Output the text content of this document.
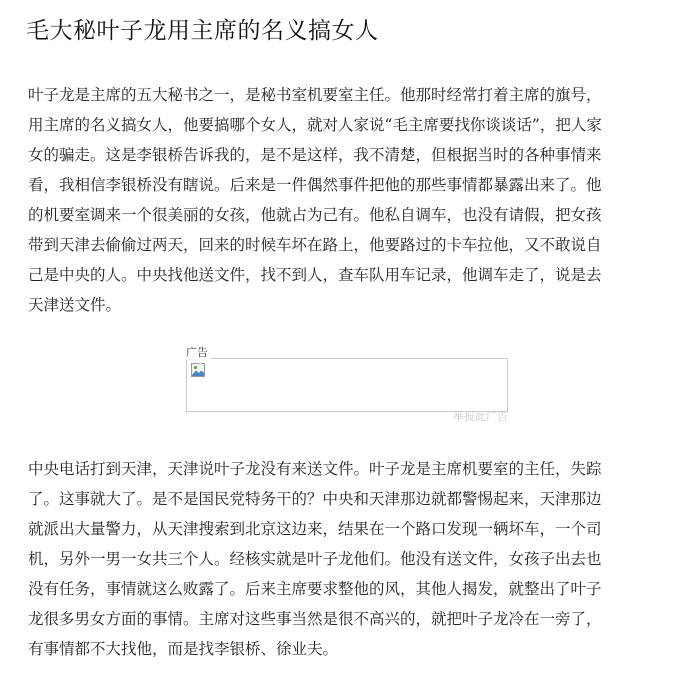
毛大秘叶子龙用主席的名义搞女人
叶子龙是主席的五大秘书之一，是秘书室机要室主任。他那时经常打着主席的旗号，
用主席的名义搞女人，他要搞哪个女人，就对人家说“毛主席要找你谈谈话”，把人家
女的骗走。这是李银桥告诉我的，是不是这样，我不清楚，但根据当时的各种事情来
看，我相信李银桥没有瞎说。后来是一件偶然事件把他的那些事情都暴露出来了。他
的机要室调来一个很美丽的女孩，他就占为己有。他私自调车，也没有请假，把女孩
带到天津去偷偷过两天，回来的时候车坏在路上，他要路过的卡车拉他，又不敢说自
己是中央的人。中央找他送文件，找不到人，查车队用车记录，他调车走了，说是去
天津送文件。
广告
举报此广告
中央电话打到天津，天津说叶子龙没有来送文件。叶子龙是主席机要室的主任，失踪
了。这事就大了。是不是国民党特务干的？中央和天津那边就都警惕起来，天津那边
就派出大量警力，从天津搜索到北京这边来，结果在一个路口发现一辆坏车，一个司
机，另外一男一女共三个人。经核实就是叶子龙他们。他没有送文件，女孩子出去也
没有任务，事情就这么败露了。后来主席要求整他的风，其他人揭发，就整出了叶子
龙很多男女方面的事情。主席对这些事当然是很不高兴的，就把叶子龙冷在一旁了，
有事情都不大找他，而是找李银桥、徐业夫。
